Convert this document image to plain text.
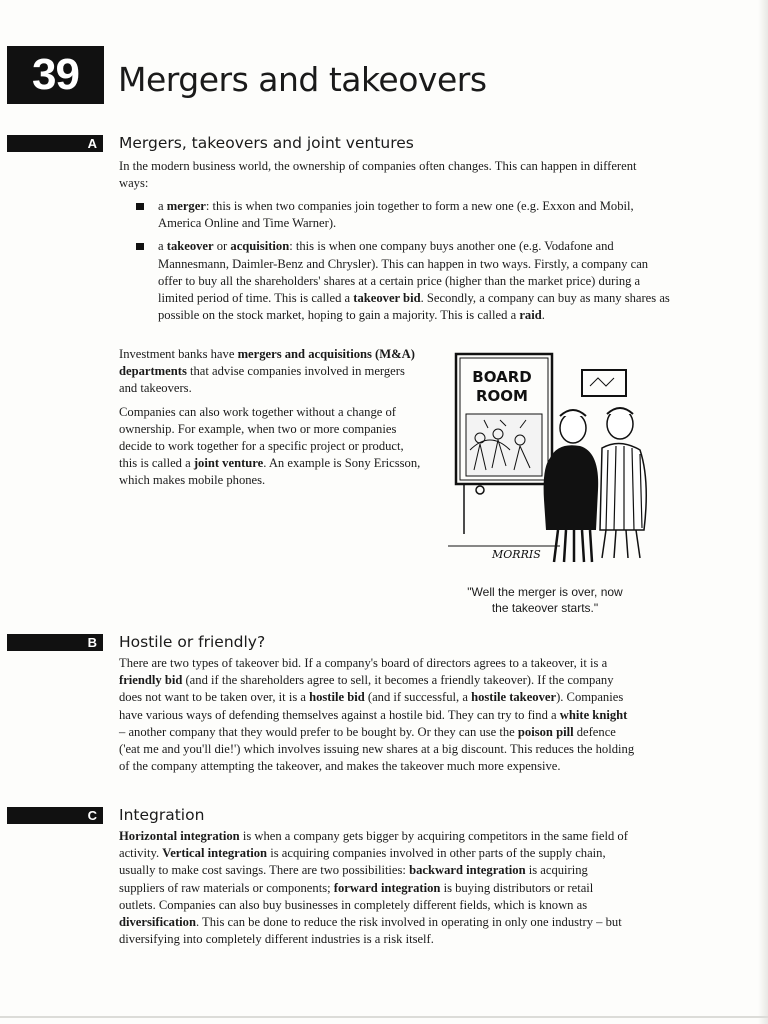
39	Mergers and takeovers
A Mergers, takeovers and joint ventures

In the modern business world, the ownership of companies often changes. This can happen in different ways:

a merger: this is when two companies join together to form a new one (e.g. Exxon and Mobil, America Online and Time Warner).
a takeover or acquisition: this is when one company buys another one (e.g. Vodafone and Mannesmann, Daimler-Benz and Chrysler). This can happen in two ways. Firstly, a company can offer to buy all the shareholders' shares at a certain price (higher than the market price) during a limited period of time. This is called a takeover bid. Secondly, a company can buy as many shares as possible on the stock market, hoping to gain a majority. This is called a raid.

Investment banks have mergers and acquisitions (M&A) departments that advise companies involved in mergers and takeovers.

Companies can also work together without a change of ownership. For example, when two or more companies decide to work together for a specific project or product, this is called a joint venture. An example is Sony Ericsson, which makes mobile phones.

BOARD
ROOM
MORRIS
"Well the merger is over, now
the takeover starts."
B Hostile or friendly?

There are two types of takeover bid. If a company's board of directors agrees to a takeover, it is a friendly bid (and if the shareholders agree to sell, it becomes a friendly takeover). If the company does not want to be taken over, it is a hostile bid (and if successful, a hostile takeover). Companies have various ways of defending themselves against a hostile bid. They can try to find a white knight – another company that they would prefer to be bought by. Or they can use the poison pill defence ('eat me and you'll die!') which involves issuing new shares at a big discount. This reduces the holding of the company attempting the takeover, and makes the takeover much more expensive.

C Integration

Horizontal integration is when a company gets bigger by acquiring competitors in the same field of activity. Vertical integration is acquiring companies involved in other parts of the supply chain, usually to make cost savings. There are two possibilities: backward integration is acquiring suppliers of raw materials or components; forward integration is buying distributors or retail outlets. Companies can also buy businesses in completely different fields, which is known as diversification. This can be done to reduce the risk involved in operating in only one industry – but diversifying into completely different industries is a risk itself.
